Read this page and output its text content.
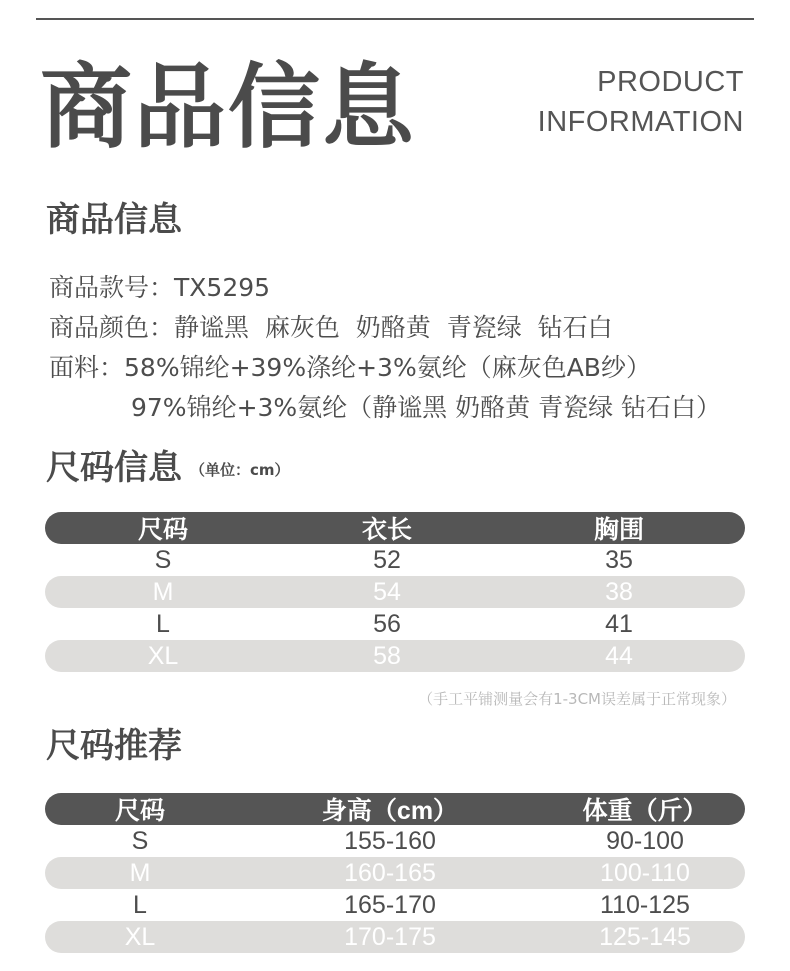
商品信息	PRODUCT
INFORMATION
商品信息
商品款号： TX5295
商品颜色： 静谧黑  麻灰色  奶酪黄  青瓷绿  钻石白
面料： 58%锦纶+39%涤纶+3%氨纶（麻灰色AB纱）
97%锦纶+3%氨纶（静谧黑 奶酪黄 青瓷绿 钻石白）
尺码信息 （单位：cm）
尺码	衣长	胸围
S	52	35
M	54	38
L	56	41
XL	58	44
（手工平铺测量会有1-3CM误差属于正常现象）
尺码推荐
尺码	身高（cm）	体重（斤）
S	155-160	90-100
M	160-165	100-110
L	165-170	110-125
XL	170-175	125-145
